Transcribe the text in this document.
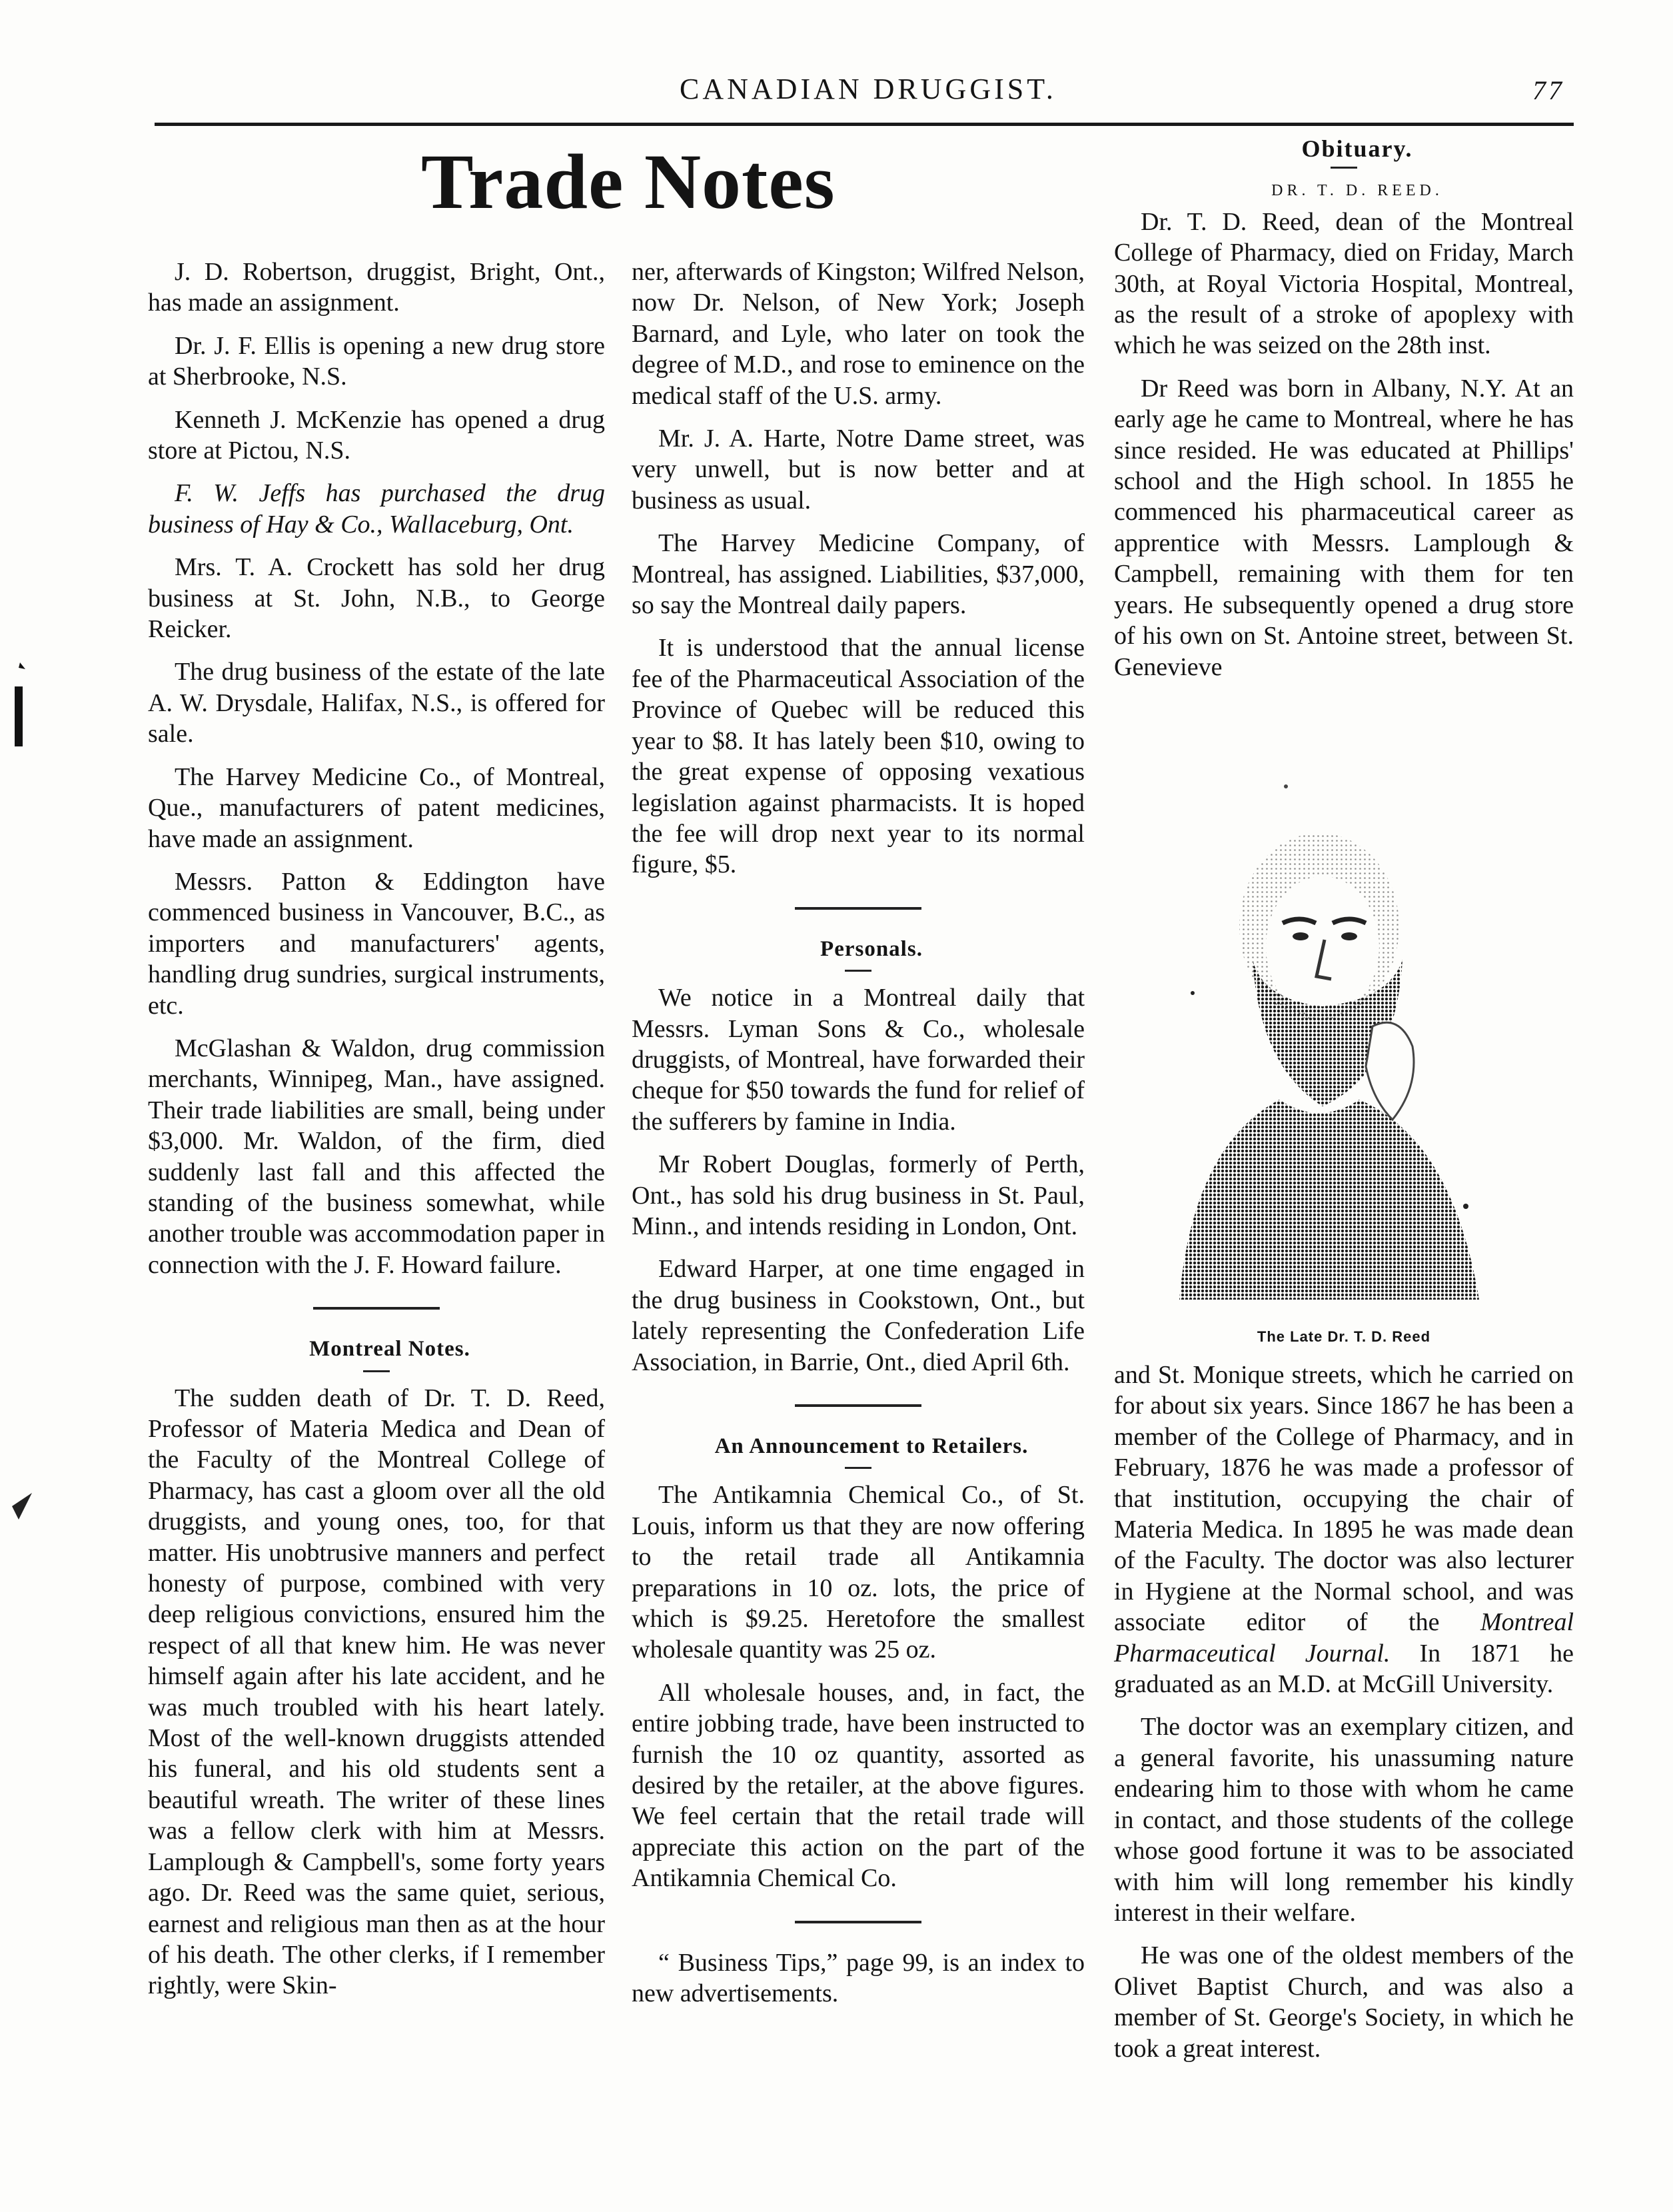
CANADIAN DRUGGIST.	77
Trade Notes

J. D. Robertson, druggist, Bright, Ont., has made an assignment.

Dr. J. F. Ellis is opening a new drug store at Sherbrooke, N.S.

Kenneth J. McKenzie has opened a drug store at Pictou, N.S.

F. W. Jeffs has purchased the drug business of Hay & Co., Wallaceburg, Ont.

Mrs. T. A. Crockett has sold her drug business at St. John, N.B., to George Reicker.

The drug business of the estate of the late A. W. Drysdale, Halifax, N.S., is offered for sale.

The Harvey Medicine Co., of Montreal, Que., manufacturers of patent medicines, have made an assignment.

Messrs. Patton & Eddington have commenced business in Vancouver, B.C., as importers and manufacturers' agents, handling drug sundries, surgical instruments, etc.

McGlashan & Waldon, drug commission merchants, Winnipeg, Man., have assigned. Their trade liabilities are small, being under $3,000. Mr. Waldon, of the firm, died suddenly last fall and this affected the standing of the business somewhat, while another trouble was accommodation paper in connection with the J. F. Howard failure.

Montreal Notes.

The sudden death of Dr. T. D. Reed, Professor of Materia Medica and Dean of the Faculty of the Montreal College of Pharmacy, has cast a gloom over all the old druggists, and young ones, too, for that matter. His unobtrusive manners and perfect honesty of purpose, combined with very deep religious convictions, ensured him the respect of all that knew him. He was never himself again after his late accident, and he was much troubled with his heart lately. Most of the well-known druggists attended his funeral, and his old students sent a beautiful wreath. The writer of these lines was a fellow clerk with him at Messrs. Lamplough & Campbell's, some forty years ago. Dr. Reed was the same quiet, serious, earnest and religious man then as at the hour of his death. The other clerks, if I remember rightly, were Skin-

ner, afterwards of Kingston; Wilfred Nelson, now Dr. Nelson, of New York; Joseph Barnard, and Lyle, who later on took the degree of M.D., and rose to eminence on the medical staff of the U.S. army.

Mr. J. A. Harte, Notre Dame street, was very unwell, but is now better and at business as usual.

The Harvey Medicine Company, of Montreal, has assigned. Liabilities, $37,000, so say the Montreal daily papers.

It is understood that the annual license fee of the Pharmaceutical Association of the Province of Quebec will be reduced this year to $8. It has lately been $10, owing to the great expense of opposing vexatious legislation against pharmacists. It is hoped the fee will drop next year to its normal figure, $5.

Personals.

We notice in a Montreal daily that Messrs. Lyman Sons & Co., wholesale druggists, of Montreal, have forwarded their cheque for $50 towards the fund for relief of the sufferers by famine in India.

Mr Robert Douglas, formerly of Perth, Ont., has sold his drug business in St. Paul, Minn., and intends residing in London, Ont.

Edward Harper, at one time engaged in the drug business in Cookstown, Ont., but lately representing the Confederation Life Association, in Barrie, Ont., died April 6th.

An Announcement to Retailers.

The Antikamnia Chemical Co., of St. Louis, inform us that they are now offering to the retail trade all Antikamnia preparations in 10 oz. lots, the price of which is $9.25. Heretofore the smallest wholesale quantity was 25 oz.

All wholesale houses, and, in fact, the entire jobbing trade, have been instructed to furnish the 10 oz quantity, assorted as desired by the retailer, at the above figures. We feel certain that the retail trade will appreciate this action on the part of the Antikamnia Chemical Co.

“ Business Tips,” page 99, is an index to new advertisements.

Obituary.

DR. T. D. REED.

Dr. T. D. Reed, dean of the Montreal College of Pharmacy, died on Friday, March 30th, at Royal Victoria Hospital, Montreal, as the result of a stroke of apoplexy with which he was seized on the 28th inst.

Dr Reed was born in Albany, N.Y. At an early age he came to Montreal, where he has since resided. He was educated at Phillips' school and the High school. In 1855 he commenced his pharmaceutical career as apprentice with Messrs. Lamplough & Campbell, remaining with them for ten years. He subsequently opened a drug store of his own on St. Antoine street, between St. Genevieve

The Late Dr. T. D. Reed

and St. Monique streets, which he carried on for about six years. Since 1867 he has been a member of the College of Pharmacy, and in February, 1876 he was made a professor of that institution, occupying the chair of Materia Medica. In 1895 he was made dean of the Faculty. The doctor was also lecturer in Hygiene at the Normal school, and was associate editor of the Montreal Pharmaceutical Journal. In 1871 he graduated as an M.D. at McGill University.

The doctor was an exemplary citizen, and a general favorite, his unassuming nature endearing him to those with whom he came in contact, and those students of the college whose good fortune it was to be associated with him will long remember his kindly interest in their welfare.

He was one of the oldest members of the Olivet Baptist Church, and was also a member of St. George's Society, in which he took a great interest.
